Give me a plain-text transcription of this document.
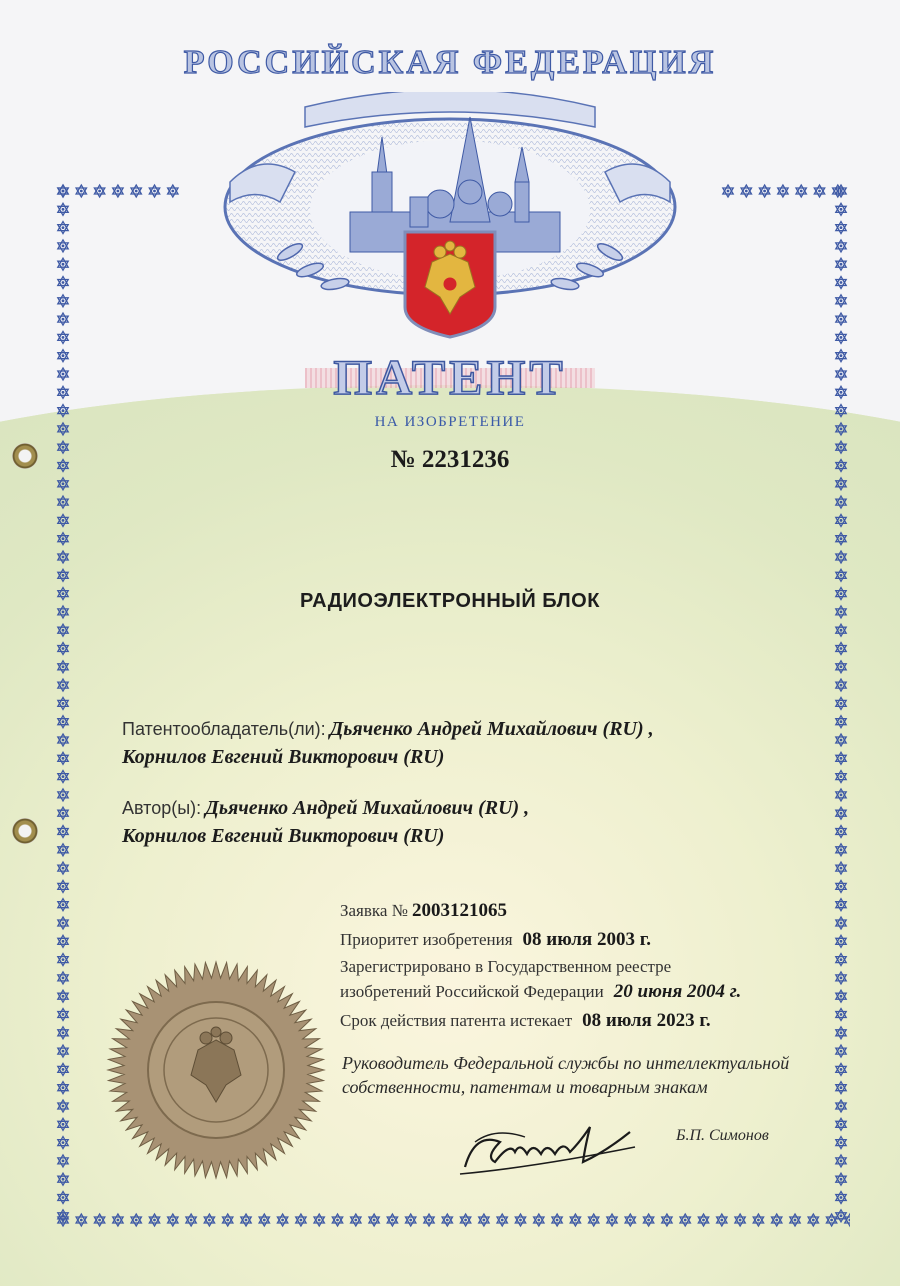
РОССИЙСКАЯ ФЕДЕРАЦИЯ
ПАТЕНТ
НА ИЗОБРЕТЕНИЕ
№ 2231236
РАДИОЭЛЕКТРОННЫЙ БЛОК
Патентообладатель(ли): Дьяченко Андрей Михайлович (RU) ,
Корнилов Евгений Викторович (RU)
Автор(ы): Дьяченко Андрей Михайлович (RU) ,
Корнилов Евгений Викторович (RU)
Заявка № 2003121065
Приоритет изобретения 08 июля 2003 г.
Зарегистрировано в Государственном реестре
изобретений Российской Федерации 20 июня 2004 г.
Срок действия патента истекает 08 июля 2023 г.
Руководитель Федеральной службы по интеллектуальной
собственности, патентам и товарным знакам
Б.П. Симонов
